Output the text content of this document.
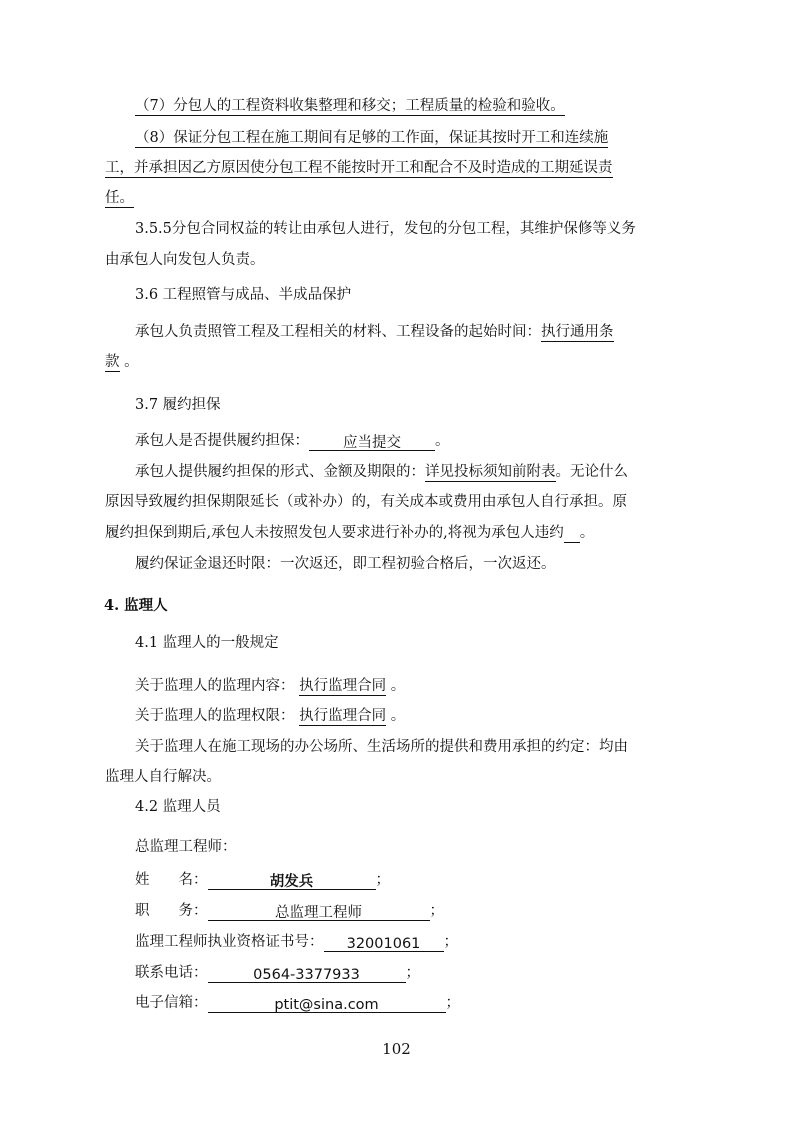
（7）分包人的工程资料收集整理和移交；工程质量的检验和验收。
（8）保证分包工程在施工期间有足够的工作面，保证其按时开工和连续施
工，并承担因乙方原因使分包工程不能按时开工和配合不及时造成的工期延误责
任。
3.5.5分包合同权益的转让由承包人进行，发包的分包工程，其维护保修等义务
由承包人向发包人负责。
3.6 工程照管与成品、半成品保护
承包人负责照管工程及工程相关的材料、工程设备的起始时间：执行通用条
款 。
3.7 履约担保
承包人是否提供履约担保： 应当提交 。
承包人提供履约担保的形式、金额及期限的：详见投标须知前附表。无论什么
原因导致履约担保期限延长（或补办）的，有关成本或费用由承包人自行承担。原
履约担保到期后,承包人未按照发包人要求进行补办的,将视为承包人违约 。
履约保证金退还时限：一次返还，即工程初验合格后，一次返还。
4. 监理人
4.1 监理人的一般规定
关于监理人的监理内容： 执行监理合同 。
关于监理人的监理权限： 执行监理合同 。
关于监理人在施工现场的办公场所、生活场所的提供和费用承担的约定：均由
监理人自行解决。
4.2 监理人员
总监理工程师：
姓　　名：	胡发兵	；
职　　务：	总监理工程师	；
监理工程师执业资格证书号： 32001061 ；
联系电话：	0564-3377933	；
电子信箱：	ptit@sina.com	；
102
